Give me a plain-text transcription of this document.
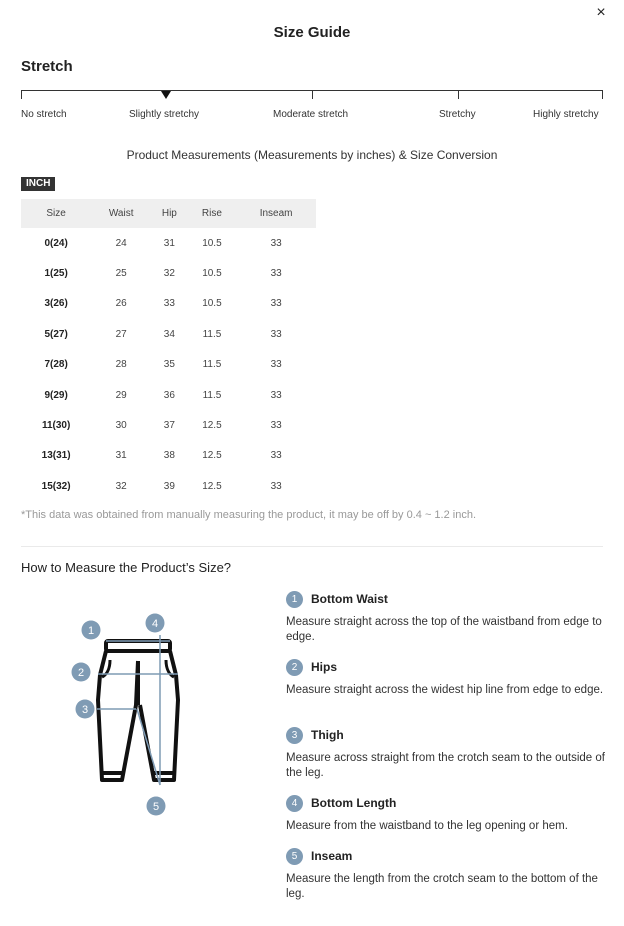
×
Size Guide
Stretch
No stretch	Slightly stretchy	Moderate stretch	Stretchy	Highly stretchy
Product Measurements (Measurements by inches) & Size Conversion
INCH
Size	Waist	Hip	Rise	Inseam
0(24)	24	31	10.5	33
1(25)	25	32	10.5	33
3(26)	26	33	10.5	33
5(27)	27	34	11.5	33
7(28)	28	35	11.5	33
9(29)	29	36	11.5	33
11(30)	30	37	12.5	33
13(31)	31	38	12.5	33
15(32)	32	39	12.5	33
*This data was obtained from manually measuring the product, it may be off by 0.4 ~ 1.2 inch.
How to Measure the Product’s Size?
1
4
2
3
5
1	Bottom Waist
Measure straight across the top of the waistband from edge to edge.
2	Hips
Measure straight across the widest hip line from edge to edge.
3	Thigh
Measure across straight from the crotch seam to the outside of the leg.
4	Bottom Length
Measure from the waistband to the leg opening or hem.
5	Inseam
Measure the length from the crotch seam to the bottom of the leg.
